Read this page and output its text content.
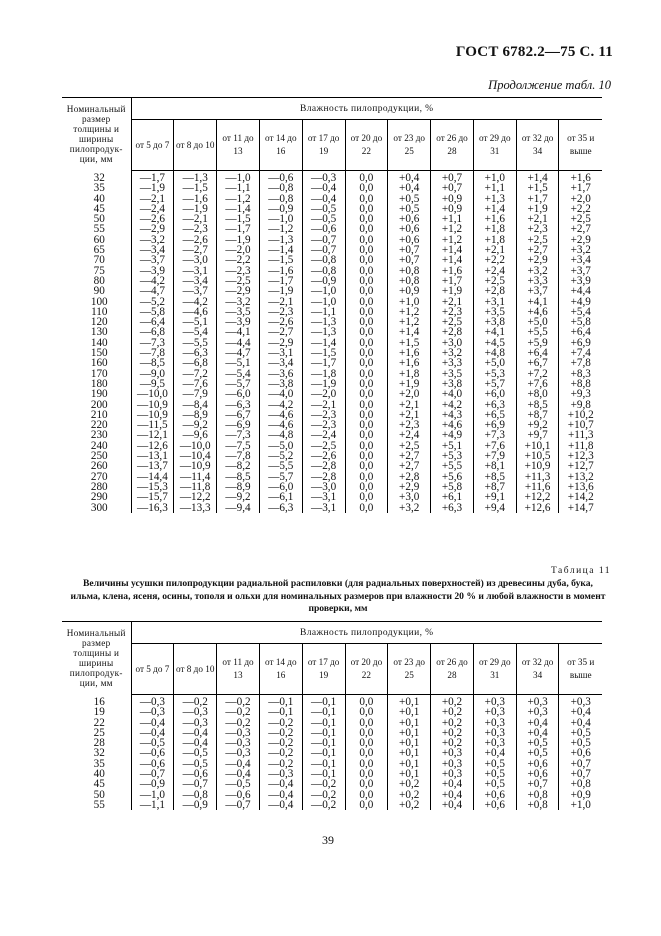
ГОСТ 6782.2—75 С. 11
Продолжение табл. 10
Номинальный размер толщины и ширины пилопродук-ции, мм	Влажность пилопродукции, %										
	от 5 до 7	от 8 до 10	от 11 до 13	от 14 до 16	от 17 до 19	от 20 до 22	от 23 до 25	от 26 до 28	от 29 до 31	от 32 до 34	от 35 и выше
32	—1,7	—1,3	—1,0	—0,6	—0,3	0,0	+0,4	+0,7	+1,0	+1,4	+1,6
35	—1,9	—1,5	—1,1	—0,8	—0,4	0,0	+0,4	+0,7	+1,1	+1,5	+1,7
40	—2,1	—1,6	—1,2	—0,8	—0,4	0,0	+0,5	+0,9	+1,3	+1,7	+2,0
45	—2,4	—1,9	—1,4	—0,9	—0,5	0,0	+0,5	+0,9	+1,4	+1,9	+2,2
50	—2,6	—2,1	—1,5	—1,0	—0,5	0,0	+0,6	+1,1	+1,6	+2,1	+2,5
55	—2,9	—2,3	—1,7	—1,2	—0,6	0,0	+0,6	+1,2	+1,8	+2,3	+2,7
60	—3,2	—2,6	—1,9	—1,3	—0,7	0,0	+0,6	+1,2	+1,8	+2,5	+2,9
65	—3,4	—2,7	—2,0	—1,4	—0,7	0,0	+0,7	+1,4	+2,1	+2,7	+3,2
70	—3,7	—3,0	—2,2	—1,5	—0,8	0,0	+0,7	+1,4	+2,2	+2,9	+3,4
75	—3,9	—3,1	—2,3	—1,6	—0,8	0,0	+0,8	+1,6	+2,4	+3,2	+3,7
80	—4,2	—3,4	—2,5	—1,7	—0,9	0,0	+0,8	+1,7	+2,5	+3,3	+3,9
90	—4,7	—3,7	—2,9	—1,9	—1,0	0,0	+0,9	+1,9	+2,8	+3,7	+4,4
100	—5,2	—4,2	—3,2	—2,1	—1,0	0,0	+1,0	+2,1	+3,1	+4,1	+4,9
110	—5,8	—4,6	—3,5	—2,3	—1,1	0,0	+1,2	+2,3	+3,5	+4,6	+5,4
120	—6,4	—5,1	—3,9	—2,6	—1,3	0,0	+1,2	+2,5	+3,8	+5,0	+5,8
130	—6,8	—5,4	—4,1	—2,7	—1,3	0,0	+1,4	+2,8	+4,1	+5,5	+6,4
140	—7,3	—5,5	—4,4	—2,9	—1,4	0,0	+1,5	+3,0	+4,5	+5,9	+6,9
150	—7,8	—6,3	—4,7	—3,1	—1,5	0,0	+1,6	+3,2	+4,8	+6,4	+7,4
160	—8,5	—6,8	—5,1	—3,4	—1,7	0,0	+1,6	+3,3	+5,0	+6,7	+7,8
170	—9,0	—7,2	—5,4	—3,6	—1,8	0,0	+1,8	+3,5	+5,3	+7,2	+8,3
180	—9,5	—7,6	—5,7	—3,8	—1,9	0,0	+1,9	+3,8	+5,7	+7,6	+8,8
190	—10,0	—7,9	—6,0	—4,0	—2,0	0,0	+2,0	+4,0	+6,0	+8,0	+9,3
200	—10,9	—8,4	—6,3	—4,2	—2,1	0,0	+2,1	+4,2	+6,3	+8,5	+9,8
210	—10,9	—8,9	—6,7	—4,6	—2,3	0,0	+2,1	+4,3	+6,5	+8,7	+10,2
220	—11,5	—9,2	—6,9	—4,6	—2,3	0,0	+2,3	+4,6	+6,9	+9,2	+10,7
230	—12,1	—9,6	—7,3	—4,8	—2,4	0,0	+2,4	+4,9	+7,3	+9,7	+11,3
240	—12,6	—10,0	—7,5	—5,0	—2,5	0,0	+2,5	+5,1	+7,6	+10,1	+11,8
250	—13,1	—10,4	—7,8	—5,2	—2,6	0,0	+2,7	+5,3	+7,9	+10,5	+12,3
260	—13,7	—10,9	—8,2	—5,5	—2,8	0,0	+2,7	+5,5	+8,1	+10,9	+12,7
270	—14,4	—11,4	—8,5	—5,7	—2,8	0,0	+2,8	+5,6	+8,5	+11,3	+13,2
280	—15,3	—11,8	—8,9	—6,0	—3,0	0,0	+2,9	+5,8	+8,7	+11,6	+13,6
290	—15,7	—12,2	—9,2	—6,1	—3,1	0,0	+3,0	+6,1	+9,1	+12,2	+14,2
300	—16,3	—13,3	—9,4	—6,3	—3,1	0,0	+3,2	+6,3	+9,4	+12,6	+14,7
Таблица 11
Величины усушки пилопродукции радиальной распиловки (для радиальных поверхностей) из древесины дуба, бука, ильма, клена, ясеня, осины, тополя и ольхи для номинальных размеров при влажности 20 % и любой влажности в момент проверки, мм
Номинальный размер толщины и ширины пилопродук-ции, мм	Влажность пилопродукции, %										
	от 5 до 7	от 8 до 10	от 11 до 13	от 14 до 16	от 17 до 19	от 20 до 22	от 23 до 25	от 26 до 28	от 29 до 31	от 32 до 34	от 35 и выше
16	—0,3	—0,2	—0,2	—0,1	—0,1	0,0	+0,1	+0,2	+0,3	+0,3	+0,3
19	—0,3	—0,3	—0,2	—0,1	—0,1	0,0	+0,1	+0,2	+0,3	+0,3	+0,4
22	—0,4	—0,3	—0,2	—0,2	—0,1	0,0	+0,1	+0,2	+0,3	+0,4	+0,4
25	—0,4	—0,4	—0,3	—0,2	—0,1	0,0	+0,1	+0,2	+0,3	+0,4	+0,5
28	—0,5	—0,4	—0,3	—0,2	—0,1	0,0	+0,1	+0,2	+0,3	+0,5	+0,5
32	—0,6	—0,5	—0,3	—0,2	—0,1	0,0	+0,1	+0,3	+0,4	+0,5	+0,6
35	—0,6	—0,5	—0,4	—0,2	—0,1	0,0	+0,1	+0,3	+0,5	+0,6	+0,7
40	—0,7	—0,6	—0,4	—0,3	—0,1	0,0	+0,1	+0,3	+0,5	+0,6	+0,7
45	—0,9	—0,7	—0,5	—0,4	—0,2	0,0	+0,2	+0,4	+0,5	+0,7	+0,8
50	—1,0	—0,8	—0,6	—0,4	—0,2	0,0	+0,2	+0,4	+0,6	+0,8	+0,9
55	—1,1	—0,9	—0,7	—0,4	—0,2	0,0	+0,2	+0,4	+0,6	+0,8	+1,0
39
